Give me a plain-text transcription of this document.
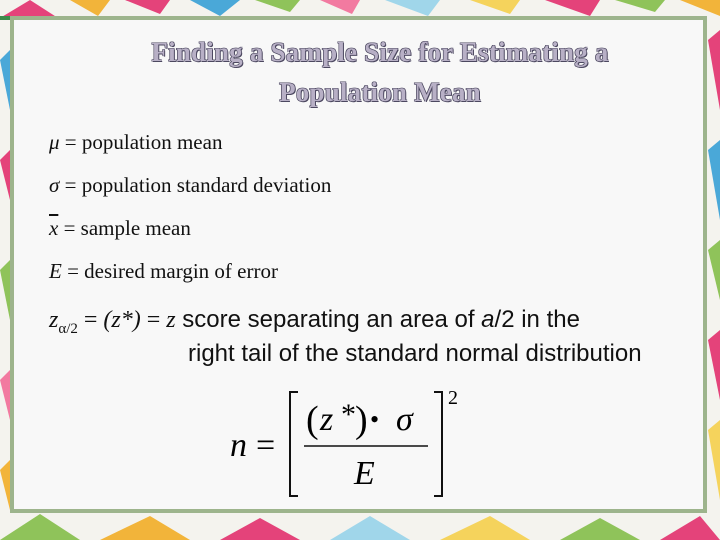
Finding a Sample Size for Estimating a
Population Mean
μ = population mean
σ = population standard deviation
$\overline{x}$ = sample mean
E = desired margin of error
$z_{\alpha/2} = (z*) = z$ score separating an area of a/2 in the
right tail of the standard normal distribution
n =
( z * ) • σ
E
2
